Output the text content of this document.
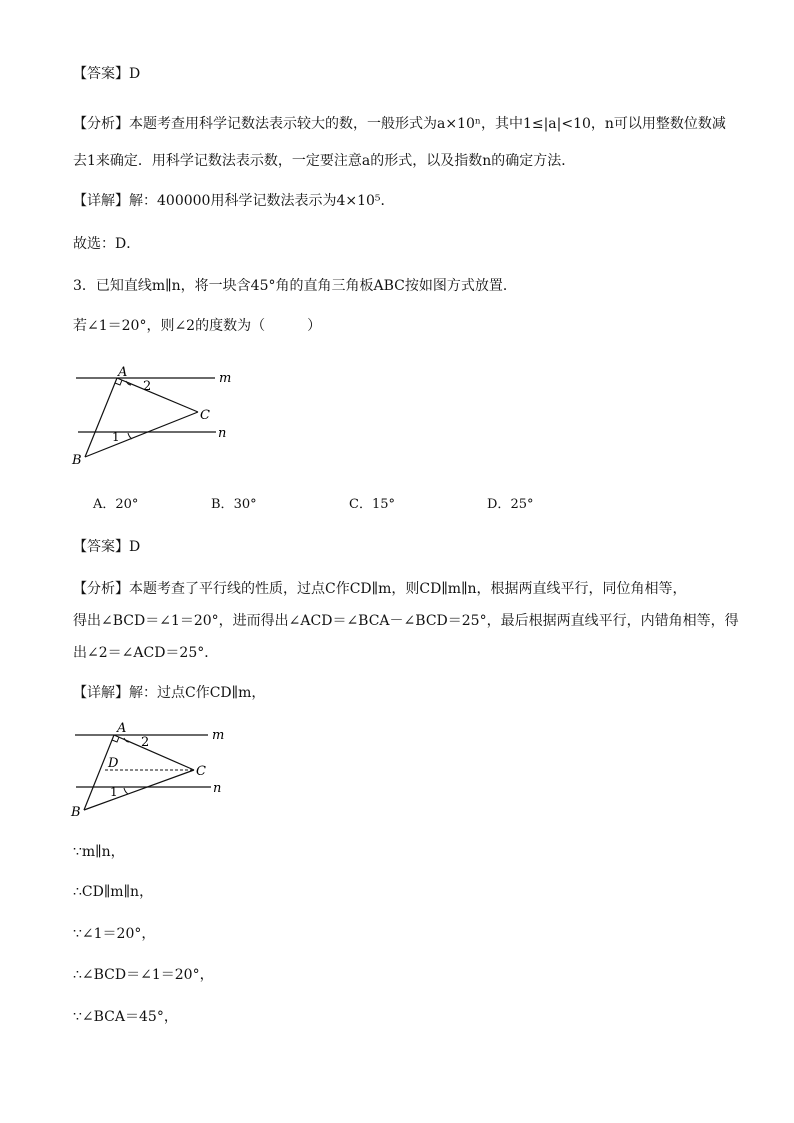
【答案】D
【分析】本题考查用科学记数法表示较大的数，一般形式为a×10ⁿ，其中1≤|a|<10，n可以用整数位数减
去1来确定．用科学记数法表示数，一定要注意a的形式，以及指数n的确定方法．
【详解】解：400000用科学记数法表示为4×10⁵．
故选：D．
3．已知直线m∥n，将一块含45°角的直角三角板ABC按如图方式放置．
若∠1＝20°，则∠2的度数为（	）
A
2
m
C
n
1
B
A．20°	B．30°	C．15°	D．25°
【答案】D
【分析】本题考查了平行线的性质，过点C作CD∥m，则CD∥m∥n，根据两直线平行，同位角相等，
得出∠BCD＝∠1＝20°，进而得出∠ACD＝∠BCA－∠BCD＝25°，最后根据两直线平行，内错角相等，得
出∠2＝∠ACD＝25°．
【详解】解：过点C作CD∥m，
A
2	m
D
C
n
1
B
∵m∥n，
∴CD∥m∥n，
∵∠1＝20°，
∴∠BCD＝∠1＝20°，
∵∠BCA＝45°，
